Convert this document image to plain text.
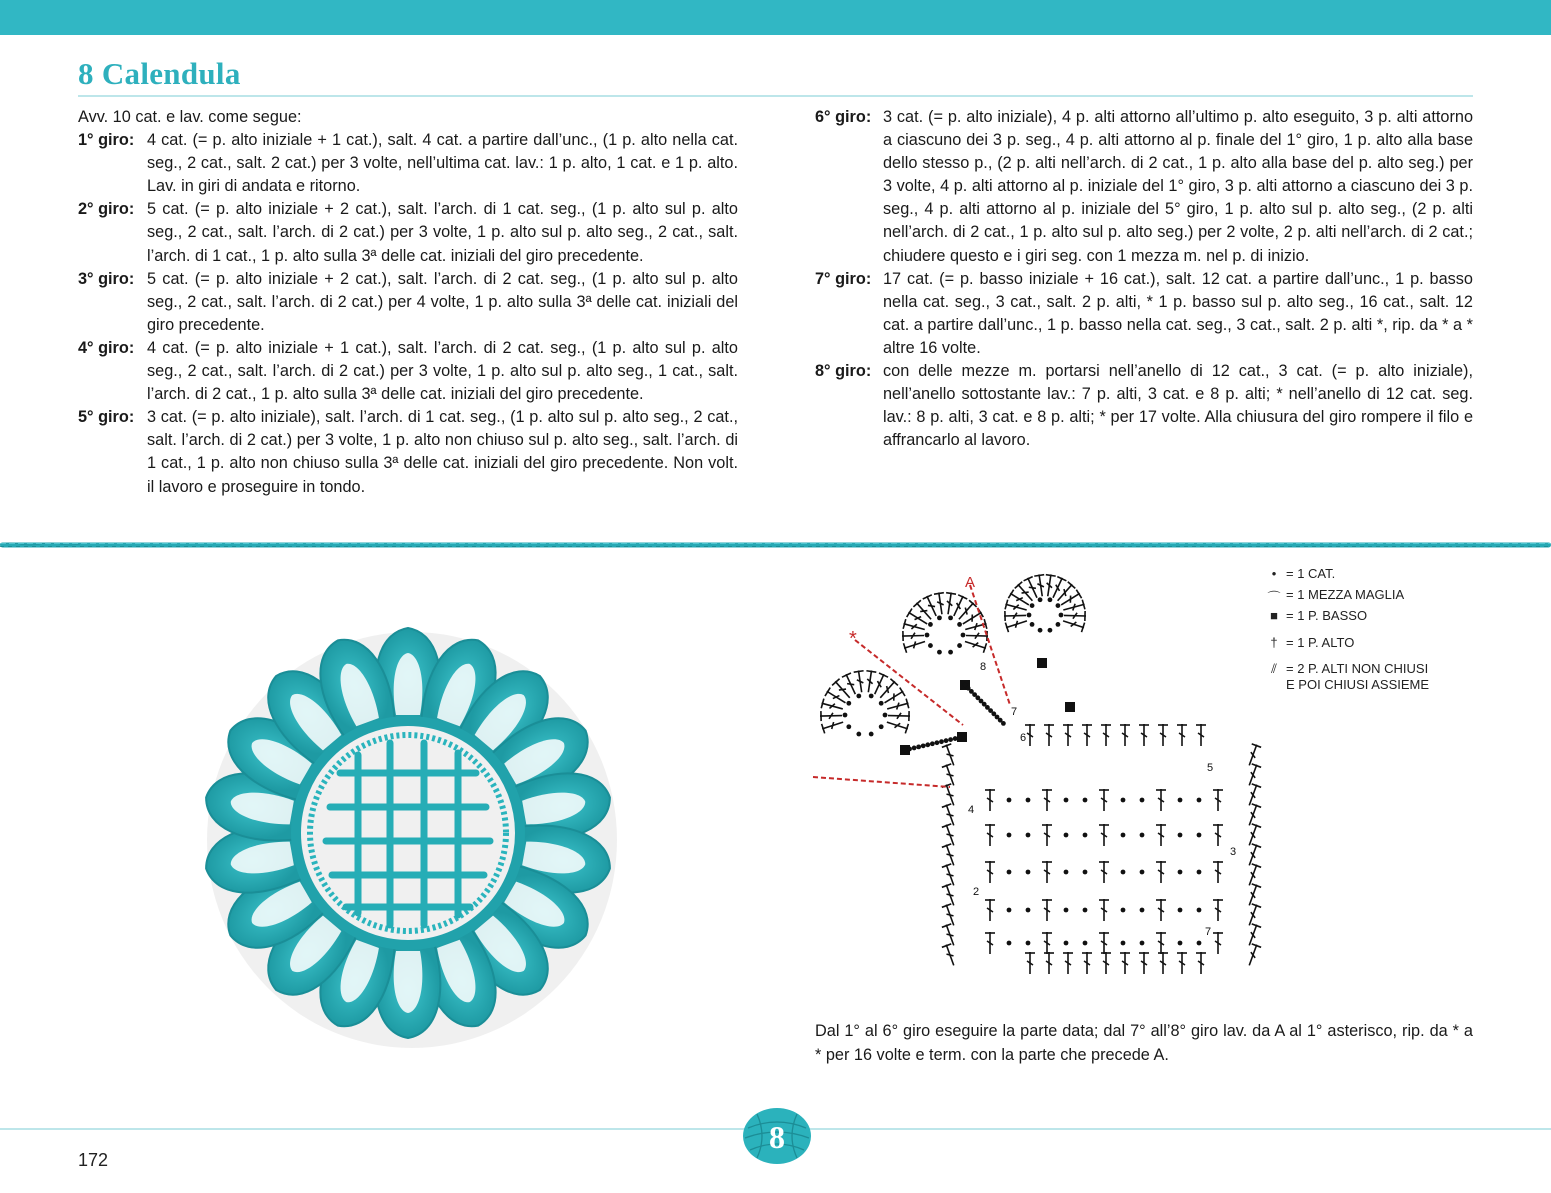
8 Calendula
Avv. 10 cat. e lav. come segue:
1° giro: 4 cat. (= p. alto iniziale + 1 cat.), salt. 4 cat. a partire dall’unc., (1 p. alto nella cat. seg., 2 cat., salt. 2 cat.) per 3 volte, nell’ultima cat. lav.: 1 p. alto, 1 cat. e 1 p. alto. Lav. in giri di andata e ritorno.
2° giro: 5 cat. (= p. alto iniziale + 2 cat.), salt. l’arch. di 1 cat. seg., (1 p. alto sul p. alto seg., 2 cat., salt. l’arch. di 2 cat.) per 3 volte, 1 p. alto sul p. alto seg., 2 cat., salt. l’arch. di 1 cat., 1 p. alto sulla 3ª delle cat. iniziali del giro precedente.
3° giro: 5 cat. (= p. alto iniziale + 2 cat.), salt. l’arch. di 2 cat. seg., (1 p. alto sul p. alto seg., 2 cat., salt. l’arch. di 2 cat.) per 4 volte, 1 p. alto sulla 3ª delle cat. iniziali del giro precedente.
4° giro: 4 cat. (= p. alto iniziale + 1 cat.), salt. l’arch. di 2 cat. seg., (1 p. alto sul p. alto seg., 2 cat., salt. l’arch. di 2 cat.) per 3 volte, 1 p. alto sul p. alto seg., 1 cat., salt. l’arch. di 2 cat., 1 p. alto sulla 3ª delle cat. iniziali del giro precedente.
5° giro: 3 cat. (= p. alto iniziale), salt. l’arch. di 1 cat. seg., (1 p. alto sul p. alto seg., 2 cat., salt. l’arch. di 2 cat.) per 3 volte, 1 p. alto non chiuso sul p. alto seg., salt. l’arch. di 1 cat., 1 p. alto non chiuso sulla 3ª delle cat. iniziali del giro precedente. Non volt. il lavoro e proseguire in tondo.
6° giro: 3 cat. (= p. alto iniziale), 4 p. alti attorno all’ultimo p. alto eseguito, 3 p. alti attorno a ciascuno dei 3 p. seg., 4 p. alti attorno al p. finale del 1° giro, 1 p. alto alla base dello stesso p., (2 p. alti nell’arch. di 2 cat., 1 p. alto alla base del p. alto seg.) per 3 volte, 4 p. alti attorno al p. iniziale del 1° giro, 3 p. alti attorno a ciascuno dei 3 p. seg., 4 p. alti attorno al p. iniziale del 5° giro, 1 p. alto sul p. alto seg., (2 p. alti nell’arch. di 2 cat., 1 p. alto sul p. alto seg.) per 2 volte, 2 p. alti nell’arch. di 2 cat.; chiudere questo e i giri seg. con 1 mezza m. nel p. di inizio.
7° giro: 17 cat. (= p. basso iniziale + 16 cat.), salt. 12 cat. a partire dall’unc., 1 p. basso nella cat. seg., 3 cat., salt. 2 p. alti, * 1 p. basso sul p. alto seg., 16 cat., salt. 12 cat. a partire dall’unc., 1 p. basso nella cat. seg., 3 cat., salt. 2 p. alti *, rip. da * a * altre 16 volte.
8° giro: con delle mezze m. portarsi nell’anello di 12 cat., 3 cat. (= p. alto iniziale), nell’anello sottostante lav.: 7 p. alti, 3 cat. e 8 p. alti; * nell’anello di 12 cat. seg. lav.: 8 p. alti, 3 cat. e 8 p. alti; * per 17 volte. Alla chiusura del giro rompere il filo e affrancarlo al lavoro.
A
*
2
3
4
5
6
7
7
8
• = 1 CAT.
⌒ = 1 MEZZA MAGLIA
■ = 1 P. BASSO
† = 1 P. ALTO
⫽ = 2 P. ALTI NON CHIUSI
E POI CHIUSI ASSIEME

Dal 1° al 6° giro eseguire la parte data; dal 7° all’8° giro lav. da A al 1° asterisco, rip. da * a * per 16 volte e term. con la parte che precede A.

8
172
